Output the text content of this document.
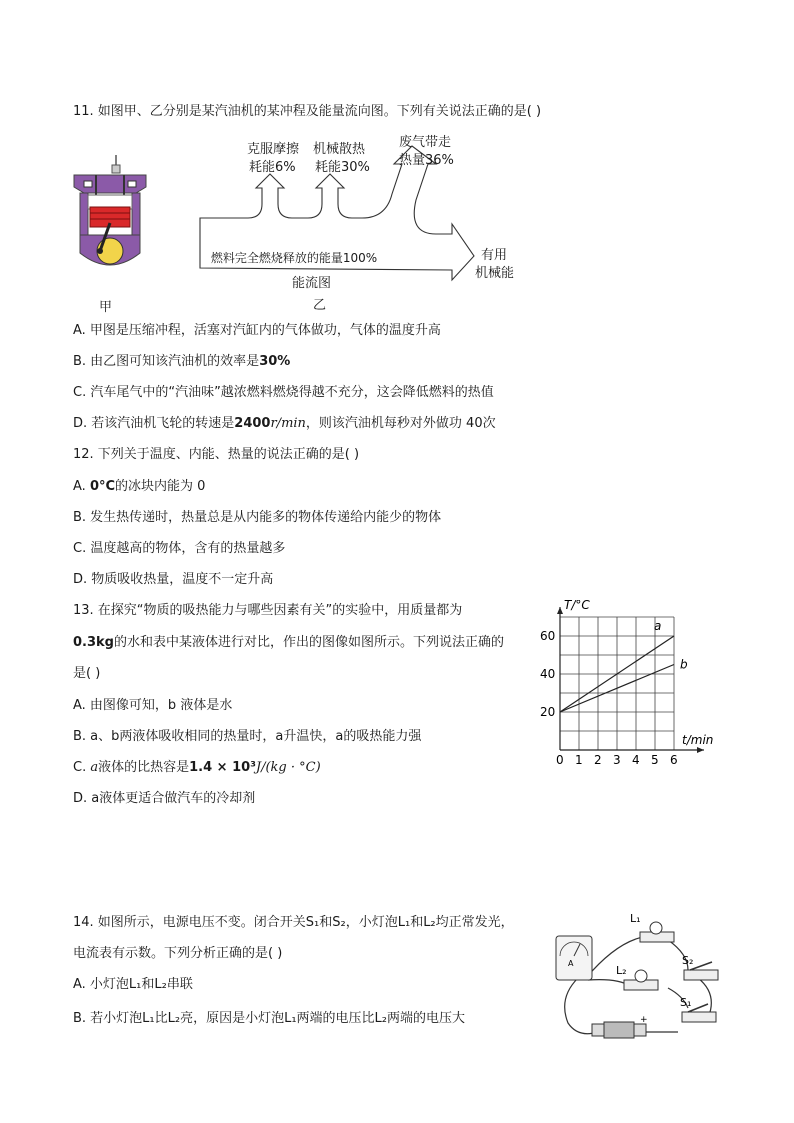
11. 如图甲、乙分别是某汽油机的某冲程及能量流向图。下列有关说法正确的是( )
甲
燃料完全燃烧释放的能量100%
克服摩擦
耗能6%
机械散热
耗能30%
废气带走
热量36%
有用
机械能
能流图
乙
A. 甲图是压缩冲程，活塞对汽缸内的气体做功，气体的温度升高
B. 由乙图可知该汽油机的效率是30%
C. 汽车尾气中的“汽油味”越浓燃料燃烧得越不充分，这会降低燃料的热值
D. 若该汽油机飞轮的转速是2400r/min，则该汽油机每秒对外做功 40次
12. 下列关于温度、内能、热量的说法正确的是( )
A. 0°C的冰块内能为 0
B. 发生热传递时，热量总是从内能多的物体传递给内能少的物体
C. 温度越高的物体，含有的热量越多
D. 物质吸收热量，温度不一定升高
13. 在探究“物质的吸热能力与哪些因素有关”的实验中，用质量都为
0.3kg的水和表中某液体进行对比，作出的图像如图所示。下列说法正确的
是( )
A. 由图像可知，b 液体是水
B. a、b两液体吸收相同的热量时，a升温快，a的吸热能力强
C. a液体的比热容是1.4 × 10³J/(kg · °C)
D. a液体更适合做汽车的冷却剂
a
b
0 1 2 3 4 5 6
20
40
60
T/°C
t/min
14. 如图所示，电源电压不变。闭合开关S₁和S₂，小灯泡L₁和L₂均正常发光，
电流表有示数。下列分析正确的是( )
A. 小灯泡L₁和L₂串联
B. 若小灯泡L₁比L₂亮，原因是小灯泡L₁两端的电压比L₂两端的电压大
A
L₁
L₂
S₂
S₁
+
